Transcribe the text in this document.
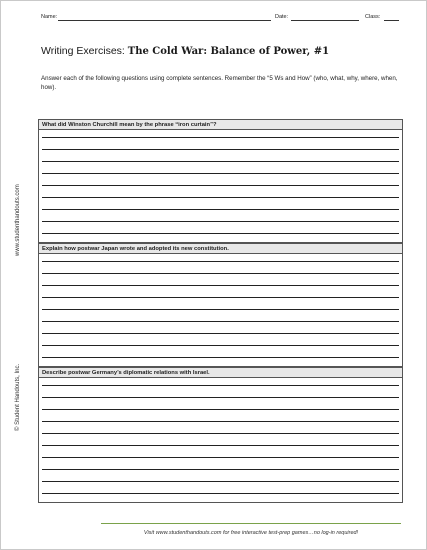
Name:	Date:	Class:
Writing Exercises: The Cold War: Balance of Power, #1
Answer each of the following questions using complete sentences. Remember the “5 Ws and How” (who, what, why, where, when, how).
www.studenthandouts.com
© Student Handouts, Inc.
What did Winston Churchill mean by the phrase “iron curtain”?
Explain how postwar Japan wrote and adopted its new constitution.
Describe postwar Germany’s diplomatic relations with Israel.
Visit www.studenthandouts.com for free interactive test-prep games…no log-in required!
